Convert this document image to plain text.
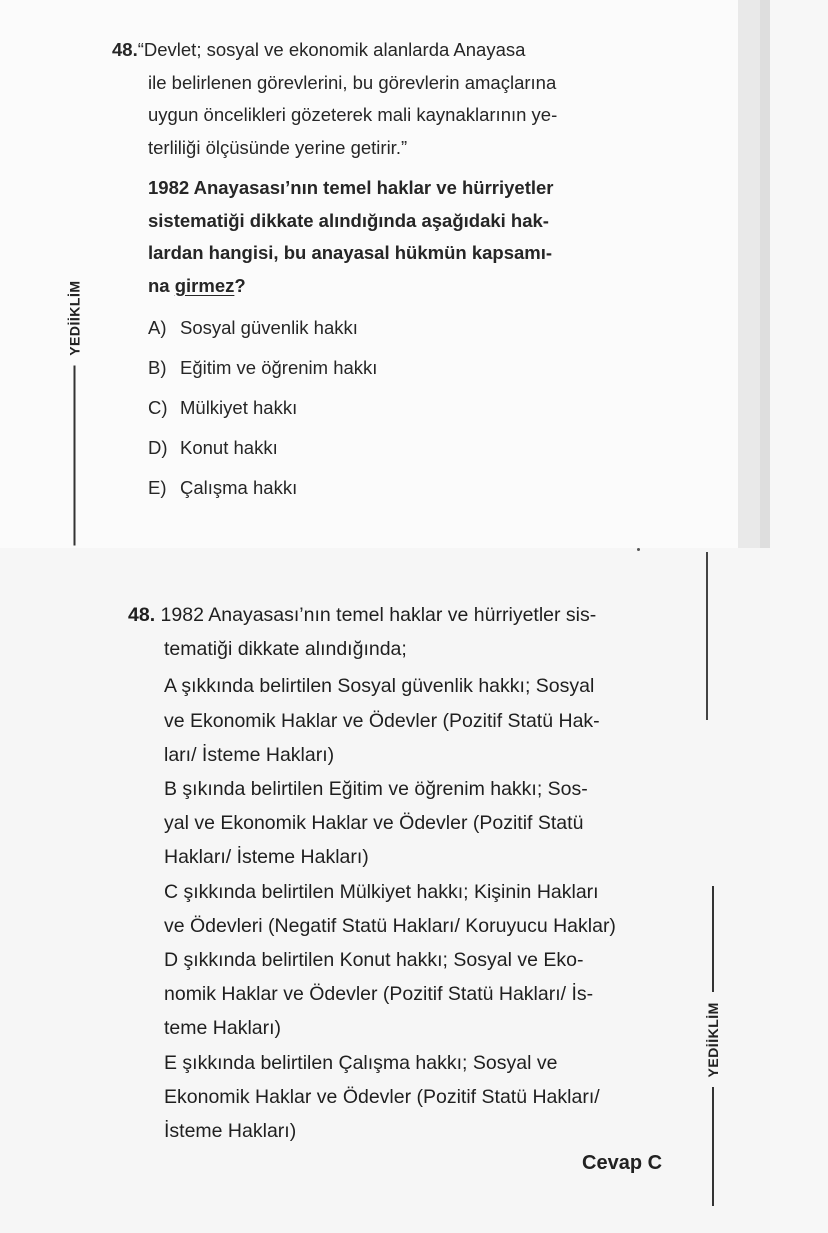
YEDİİKLİM
YEDİİKLİM
48.“Devlet; sosyal ve ekonomik alanlarda Anayasa
ile belirlenen görevlerini, bu görevlerin amaçlarına
uygun öncelikleri gözeterek mali kaynaklarının ye-
terliliği ölçüsünde yerine getirir.”
1982 Anayasası’nın temel haklar ve hürriyetler
sistematiği dikkate alındığında aşağıdaki hak-
lardan hangisi, bu anayasal hükmün kapsamı-
na girmez?
A) Sosyal güvenlik hakkı
B) Eğitim ve öğrenim hakkı
C) Mülkiyet hakkı
D) Konut hakkı
E) Çalışma hakkı
48. 1982 Anayasası’nın temel haklar ve hürriyetler sis-
tematiği dikkate alındığında;
A şıkkında belirtilen Sosyal güvenlik hakkı; Sosyal
ve Ekonomik Haklar ve Ödevler (Pozitif Statü Hak-
ları/ İsteme Hakları)
B şıkında belirtilen Eğitim ve öğrenim hakkı; Sos-
yal ve Ekonomik Haklar ve Ödevler (Pozitif Statü
Hakları/ İsteme Hakları)
C şıkkında belirtilen Mülkiyet hakkı; Kişinin Hakları
ve Ödevleri (Negatif Statü Hakları/ Koruyucu Haklar)
D şıkkında belirtilen Konut hakkı; Sosyal ve Eko-
nomik Haklar ve Ödevler (Pozitif Statü Hakları/ İs-
teme Hakları)
E şıkkında belirtilen Çalışma hakkı; Sosyal ve
Ekonomik Haklar ve Ödevler (Pozitif Statü Hakları/
İsteme Hakları)
Cevap C
